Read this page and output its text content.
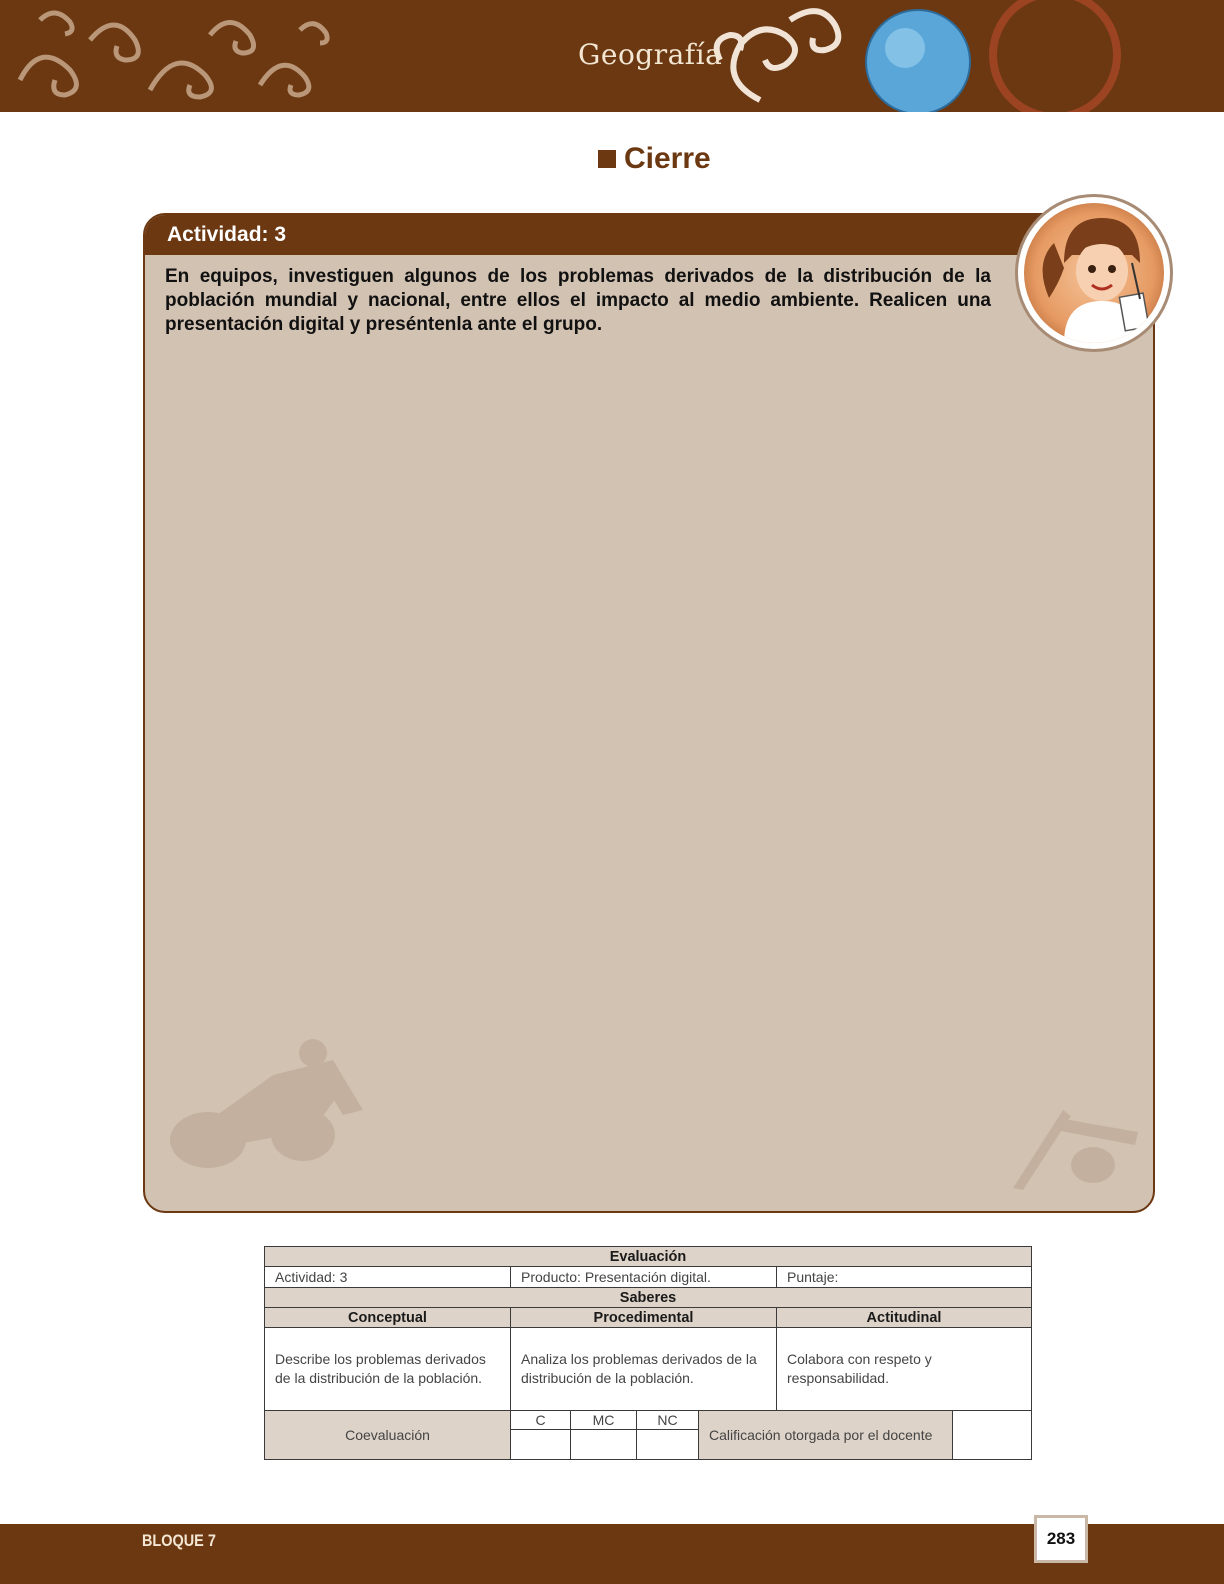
Geografía
Cierre
Actividad: 3
En equipos, investiguen algunos de los problemas derivados de la distribución de la población mundial y nacional, entre ellos el impacto al medio ambiente. Realicen una presentación digital y preséntenla ante el grupo.
Evaluación						
Actividad: 3	Producto: Presentación digital.				Puntaje:	
Saberes						
Conceptual	Procedimental				Actitudinal	
Describe los problemas derivados de la distribución de la población.	Analiza los problemas derivados de la distribución de la población.				Colabora con respeto y responsabilidad.	
Coevaluación	C	MC	NC	Calificación otorgada por el docente		

BLOQUE 7	283
